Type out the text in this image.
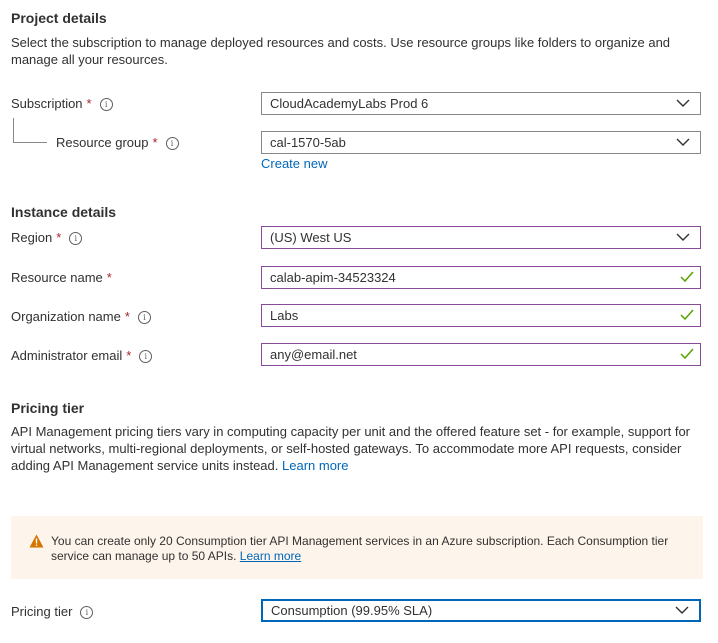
Project details
Select the subscription to manage deployed resources and costs. Use resource groups like folders to organize and manage all your resources.
Subscription * i	CloudAcademyLabs Prod 6
Resource group * i	cal-1570-5ab
Create new
Instance details
Region * i	(US) West US
Resource name *	calab-apim-34523324
Organization name * i	Labs
Administrator email * i	any@email.net
Pricing tier
API Management pricing tiers vary in computing capacity per unit and the offered feature set - for example, support for virtual networks, multi-regional deployments, or self-hosted gateways. To accommodate more API requests, consider adding API Management service units instead. Learn more
You can create only 20 Consumption tier API Management services in an Azure subscription. Each Consumption tier service can manage up to 50 APIs. Learn more
Pricing tier i	Consumption (99.95% SLA)
